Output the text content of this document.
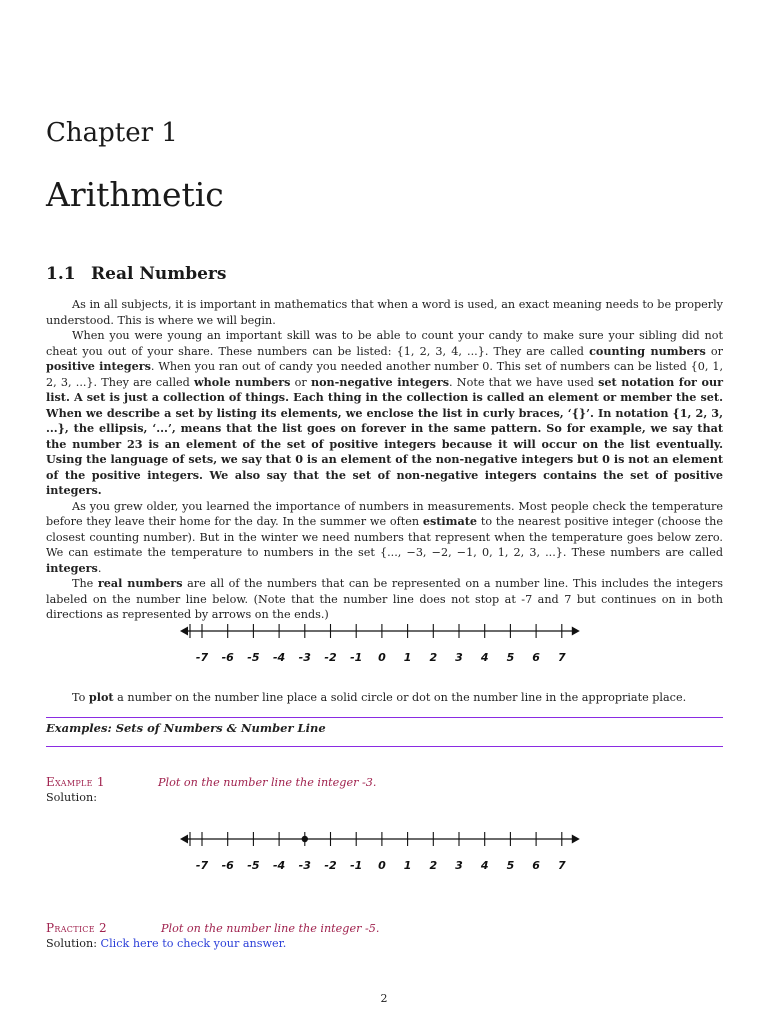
Chapter 1
Arithmetic
1.1 Real Numbers

As in all subjects, it is important in mathematics that when a word is used, an exact meaning needs to be properly understood. This is where we will begin.

When you were young an important skill was to be able to count your candy to make sure your sibling did not cheat you out of your share. These numbers can be listed: {1, 2, 3, 4, ...}. They are called counting numbers or positive integers. When you ran out of candy you needed another number 0. This set of numbers can be listed {0, 1, 2, 3, ...}. They are called whole numbers or non-negative integers. Note that we have used set notation for our list. A set is just a collection of things. Each thing in the collection is called an element or member the set. When we describe a set by listing its elements, we enclose the list in curly braces, ‘{}’. In notation {1, 2, 3, ...}, the ellipsis, ‘...’, means that the list goes on forever in the same pattern. So for example, we say that the number 23 is an element of the set of positive integers because it will occur on the list eventually. Using the language of sets, we say that 0 is an element of the non-negative integers but 0 is not an element of the positive integers. We also say that the set of non-negative integers contains the set of positive integers.

As you grew older, you learned the importance of numbers in measurements. Most people check the temperature before they leave their home for the day. In the summer we often estimate to the nearest positive integer (choose the closest counting number). But in the winter we need numbers that represent when the temperature goes below zero. We can estimate the temperature to numbers in the set {..., −3, −2, −1, 0, 1, 2, 3, ...}. These numbers are called integers.

The real numbers are all of the numbers that can be represented on a number line. This includes the integers labeled on the number line below. (Note that the number line does not stop at -7 and 7 but continues on in both directions as represented by arrows on the ends.)

-7 -6 -5 -4 -3 -2 -1 0 1 2 3 4 5 6 7
To plot a number on the number line place a solid circle or dot on the number line in the appropriate place.
Examples: Sets of Numbers & Number Line
Example 1	Plot on the number line the integer -3.
Solution:
-7 -6 -5 -4 -3 -2 -1 0 1 2 3 4 5 6 7
Practice 2	Plot on the number line the integer -5.
Solution: Click here to check your answer.
2
